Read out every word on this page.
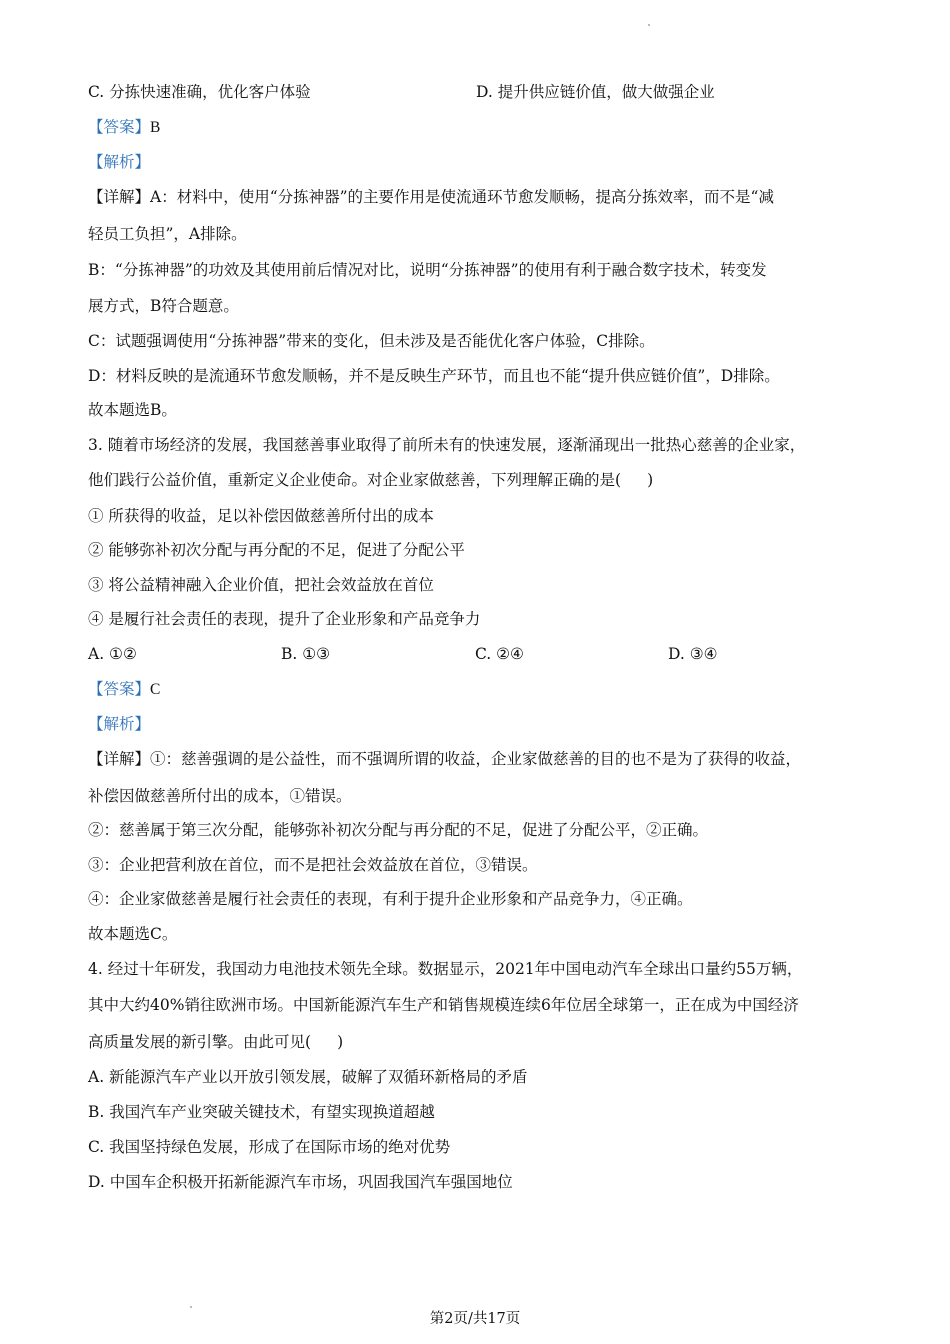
C. 分拣快速准确，优化客户体验	D. 提升供应链价值，做大做强企业
【答案】B
【解析】
【详解】A：材料中，使用“分拣神器”的主要作用是使流通环节愈发顺畅，提高分拣效率，而不是“减
轻员工负担”，A排除。
B：“分拣神器”的功效及其使用前后情况对比，说明“分拣神器”的使用有利于融合数字技术，转变发
展方式，B符合题意。
C：试题强调使用“分拣神器”带来的变化，但未涉及是否能优化客户体验，C排除。
D：材料反映的是流通环节愈发顺畅，并不是反映生产环节，而且也不能“提升供应链价值”，D排除。
故本题选B。
3. 随着市场经济的发展，我国慈善事业取得了前所未有的快速发展，逐渐涌现出一批热心慈善的企业家，
他们践行公益价值，重新定义企业使命。对企业家做慈善，下列理解正确的是( )
① 所获得的收益，足以补偿因做慈善所付出的成本
② 能够弥补初次分配与再分配的不足，促进了分配公平
③ 将公益精神融入企业价值，把社会效益放在首位
④ 是履行社会责任的表现，提升了企业形象和产品竞争力
A. ①②	B. ①③	C. ②④	D. ③④
【答案】C
【解析】
【详解】①：慈善强调的是公益性，而不强调所谓的收益，企业家做慈善的目的也不是为了获得的收益，
补偿因做慈善所付出的成本，①错误。
②：慈善属于第三次分配，能够弥补初次分配与再分配的不足，促进了分配公平，②正确。
③：企业把营利放在首位，而不是把社会效益放在首位，③错误。
④：企业家做慈善是履行社会责任的表现，有利于提升企业形象和产品竞争力，④正确。
故本题选C。
4. 经过十年研发，我国动力电池技术领先全球。数据显示，2021年中国电动汽车全球出口量约55万辆，
其中大约40%销往欧洲市场。中国新能源汽车生产和销售规模连续6年位居全球第一，正在成为中国经济
高质量发展的新引擎。由此可见( )
A. 新能源汽车产业以开放引领发展，破解了双循环新格局的矛盾
B. 我国汽车产业突破关键技术，有望实现换道超越
C. 我国坚持绿色发展，形成了在国际市场的绝对优势
D. 中国车企积极开拓新能源汽车市场，巩固我国汽车强国地位
第2页/共17页
